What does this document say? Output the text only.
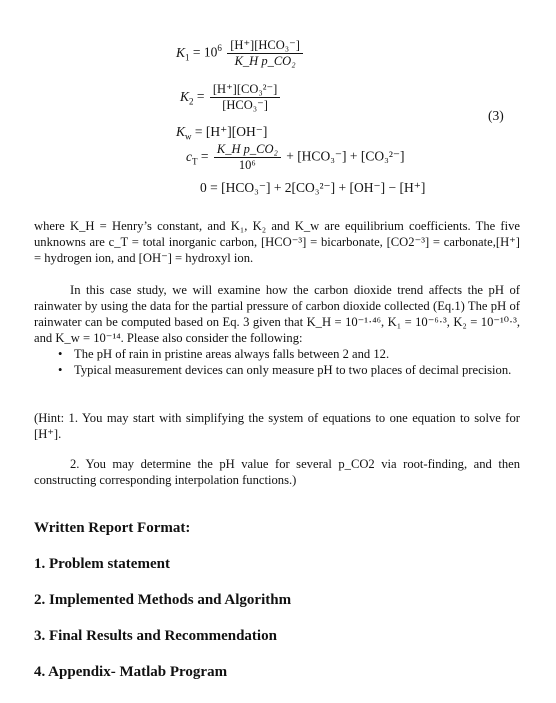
$K_1 = 10^6 \frac{\text{[H⁺][HCO₃⁻]}}{\text{K\_H p\_CO₂}}$
$K_2 = \frac{\text{[H⁺][CO₃²⁻]}}{\text{[HCO₃⁻]}}$
$K_w = [H^+][OH^-]$
$c_T = \frac{\text{K\_H p\_CO₂}}{\text{10⁶}} + [HCO_3^-] + [CO_3^{2-}]$
0 = [HCO₃⁻] + 2[CO₃²⁻] + [OH⁻] − [H⁺]
(3)
where K_H = Henry’s constant, and K₁, K₂ and K_w are equilibrium coefficients. The five unknowns are c_T = total inorganic carbon, [HCO⁻³] = bicarbonate, [CO2⁻³] = carbonate,[H⁺] = hydrogen ion, and [OH⁻] = hydroxyl ion.
In this case study, we will examine how the carbon dioxide trend affects the pH of rainwater by using the data for the partial pressure of carbon dioxide collected (Eq.1) The pH of rainwater can be computed based on Eq. 3 given that K_H = 10⁻¹·⁴⁶, K₁ = 10⁻⁶·³, K₂ = 10⁻¹⁰·³, and K_w = 10⁻¹⁴. Please also consider the following:
• The pH of rain in pristine areas always falls between 2 and 12.
• Typical measurement devices can only measure pH to two places of decimal precision.
(Hint: 1. You may start with simplifying the system of equations to one equation to solve for [H⁺].
2. You may determine the pH value for several p_CO2 via root-finding, and then constructing corresponding interpolation functions.)
Written Report Format:
1. Problem statement
2. Implemented Methods and Algorithm
3. Final Results and Recommendation
4. Appendix- Matlab Program
